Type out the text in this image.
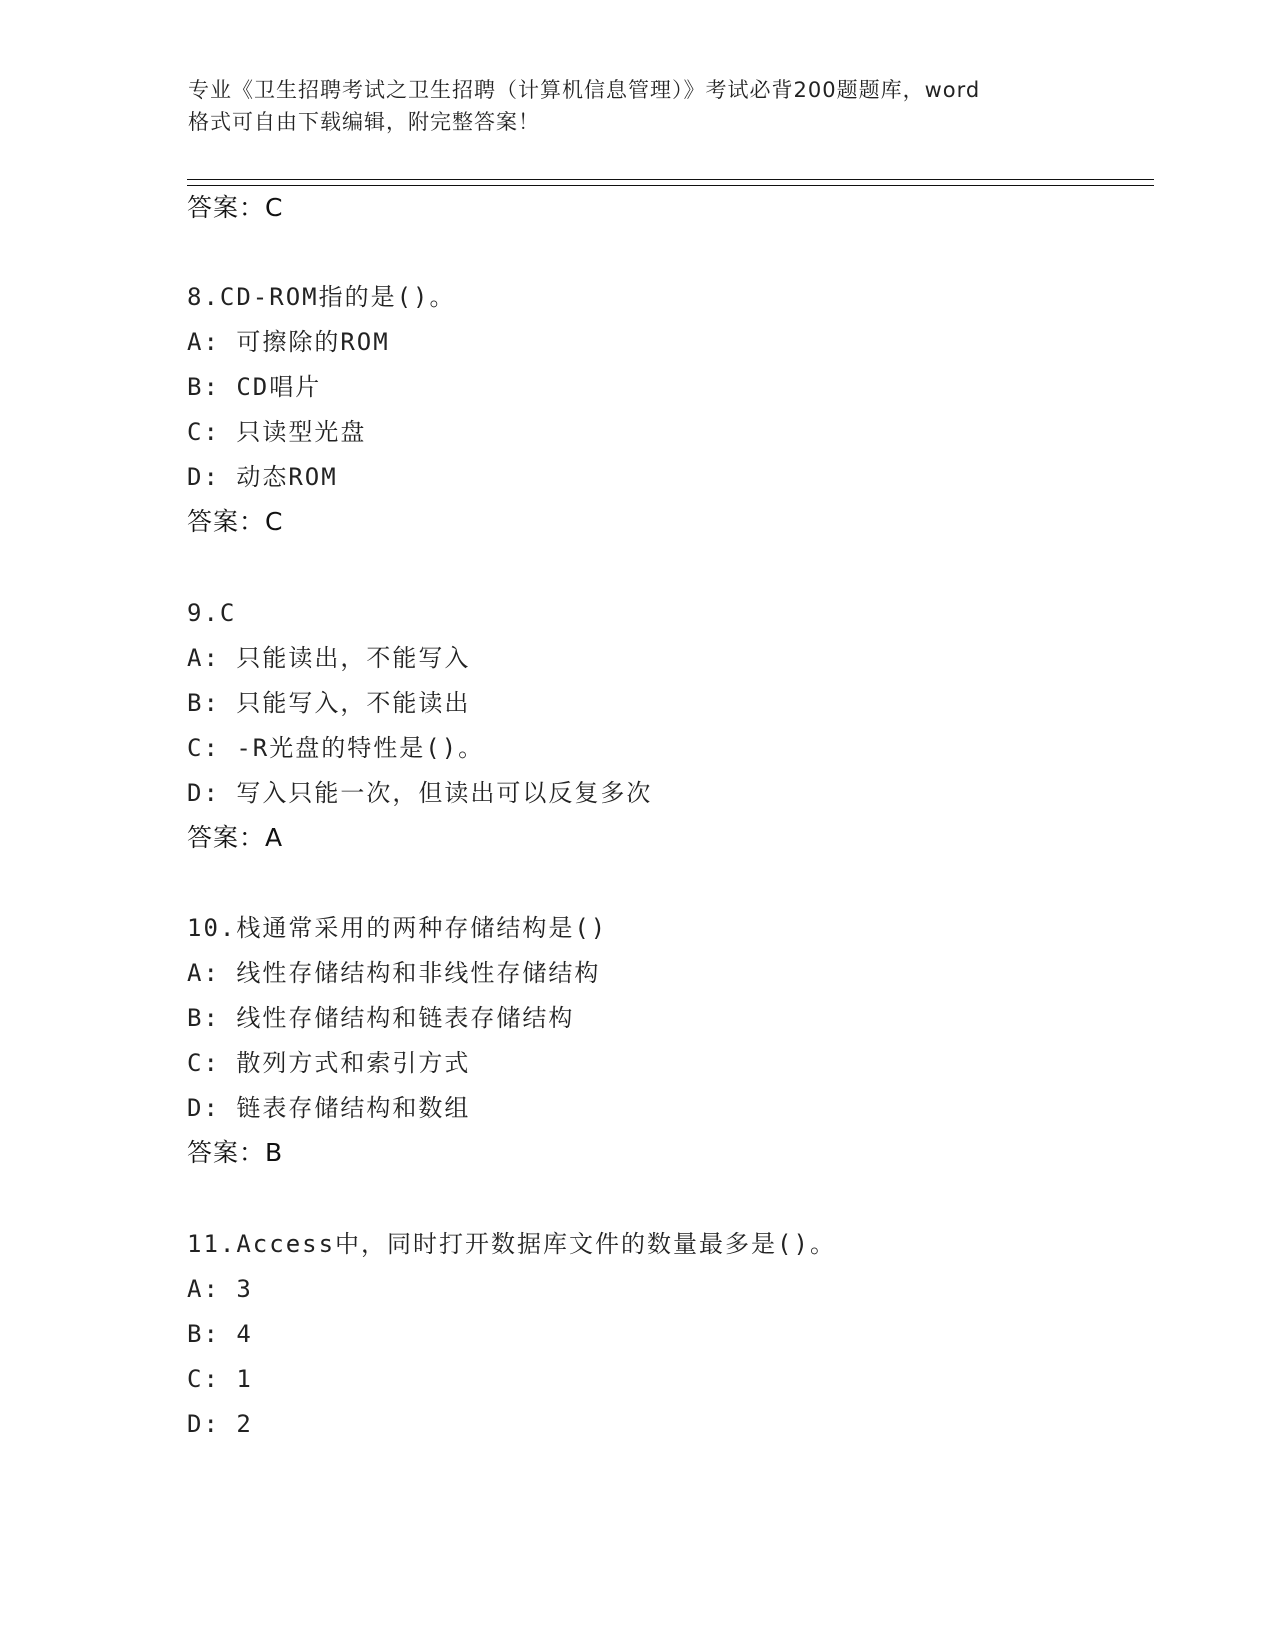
专业《卫生招聘考试之卫生招聘（计算机信息管理）》考试必背200题题库，word
格式可自由下载编辑，附完整答案！
答案：C
8.CD-ROM指的是()。
A: 可擦除的ROM
B: CD唱片
C: 只读型光盘
D: 动态ROM
答案：C
9.C
A: 只能读出，不能写入
B: 只能写入，不能读出
C: -R光盘的特性是()。
D: 写入只能一次，但读出可以反复多次
答案：A
10.栈通常采用的两种存储结构是()
A: 线性存储结构和非线性存储结构
B: 线性存储结构和链表存储结构
C: 散列方式和索引方式
D: 链表存储结构和数组
答案：B
11.Access中，同时打开数据库文件的数量最多是()。
A: 3
B: 4
C: 1
D: 2
